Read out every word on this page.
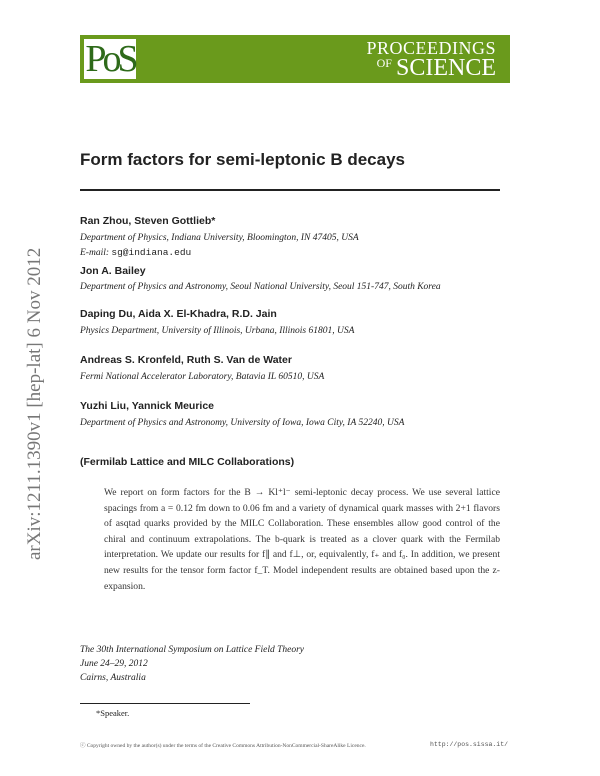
PoS	PROCEEDINGS
$^{OF}$ SCIENCE
arXiv:1211.1390v1 [hep-lat] 6 Nov 2012
Form factors for semi-leptonic B decays
Ran Zhou, Steven Gottlieb*
Department of Physics, Indiana University, Bloomington, IN 47405, USA
E-mail: sg@indiana.edu
Jon A. Bailey
Department of Physics and Astronomy, Seoul National University, Seoul 151-747, South Korea
Daping Du, Aida X. El-Khadra, R.D. Jain
Physics Department, University of Illinois, Urbana, Illinois 61801, USA
Andreas S. Kronfeld, Ruth S. Van de Water
Fermi National Accelerator Laboratory, Batavia IL 60510, USA
Yuzhi Liu, Yannick Meurice
Department of Physics and Astronomy, University of Iowa, Iowa City, IA 52240, USA
(Fermilab Lattice and MILC Collaborations)
We report on form factors for the B → Kl⁺l⁻ semi-leptonic decay process. We use several lattice spacings from a = 0.12 fm down to 0.06 fm and a variety of dynamical quark masses with 2+1 flavors of asqtad quarks provided by the MILC Collaboration. These ensembles allow good control of the chiral and continuum extrapolations. The b-quark is treated as a clover quark with the Fermilab interpretation. We update our results for f∥ and f⊥, or, equivalently, f₊ and f₀. In addition, we present new results for the tensor form factor f_T. Model independent results are obtained based upon the z-expansion.
The 30th International Symposium on Lattice Field Theory
June 24–29, 2012
Cairns, Australia
*Speaker.
ⓒ Copyright owned by the author(s) under the terms of the Creative Commons Attribution-NonCommercial-ShareAlike Licence.	http://pos.sissa.it/
